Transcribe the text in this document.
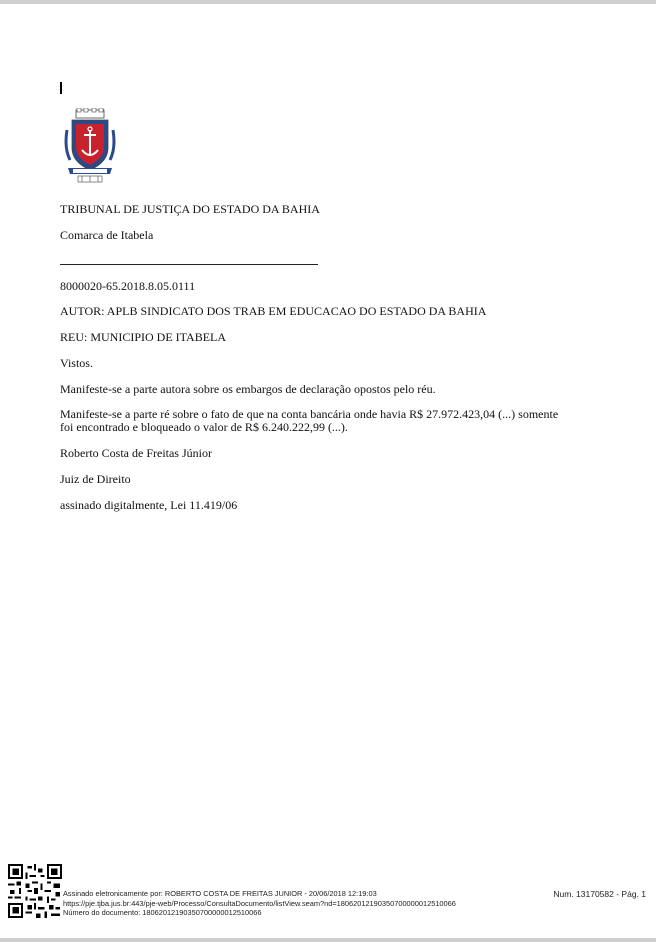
TRIBUNAL DE JUSTIÇA DO ESTADO DA BAHIA
Comarca de Itabela
8000020-65.2018.8.05.0111
AUTOR: APLB SINDICATO DOS TRAB EM EDUCACAO DO ESTADO DA BAHIA
REU: MUNICIPIO DE ITABELA
Vistos.
Manifeste-se a parte autora sobre os embargos de declaração opostos pelo réu.
Manifeste-se a parte ré sobre o fato de que na conta bancária onde havia R$ 27.972.423,04 (...) somente foi encontrado e bloqueado o valor de R$ 6.240.222,99 (...).
Roberto Costa de Freitas Júnior
Juiz de Direito
assinado digitalmente, Lei 11.419/06
Assinado eletronicamente por: ROBERTO COSTA DE FREITAS JUNIOR - 20/06/2018 12:19:03
https://pje.tjba.jus.br:443/pje-web/Processo/ConsultaDocumento/listView.seam?nd=18062012190350700000012510066
Número do documento: 18062012190350700000012510066
Num. 13170582 - Pág. 1
